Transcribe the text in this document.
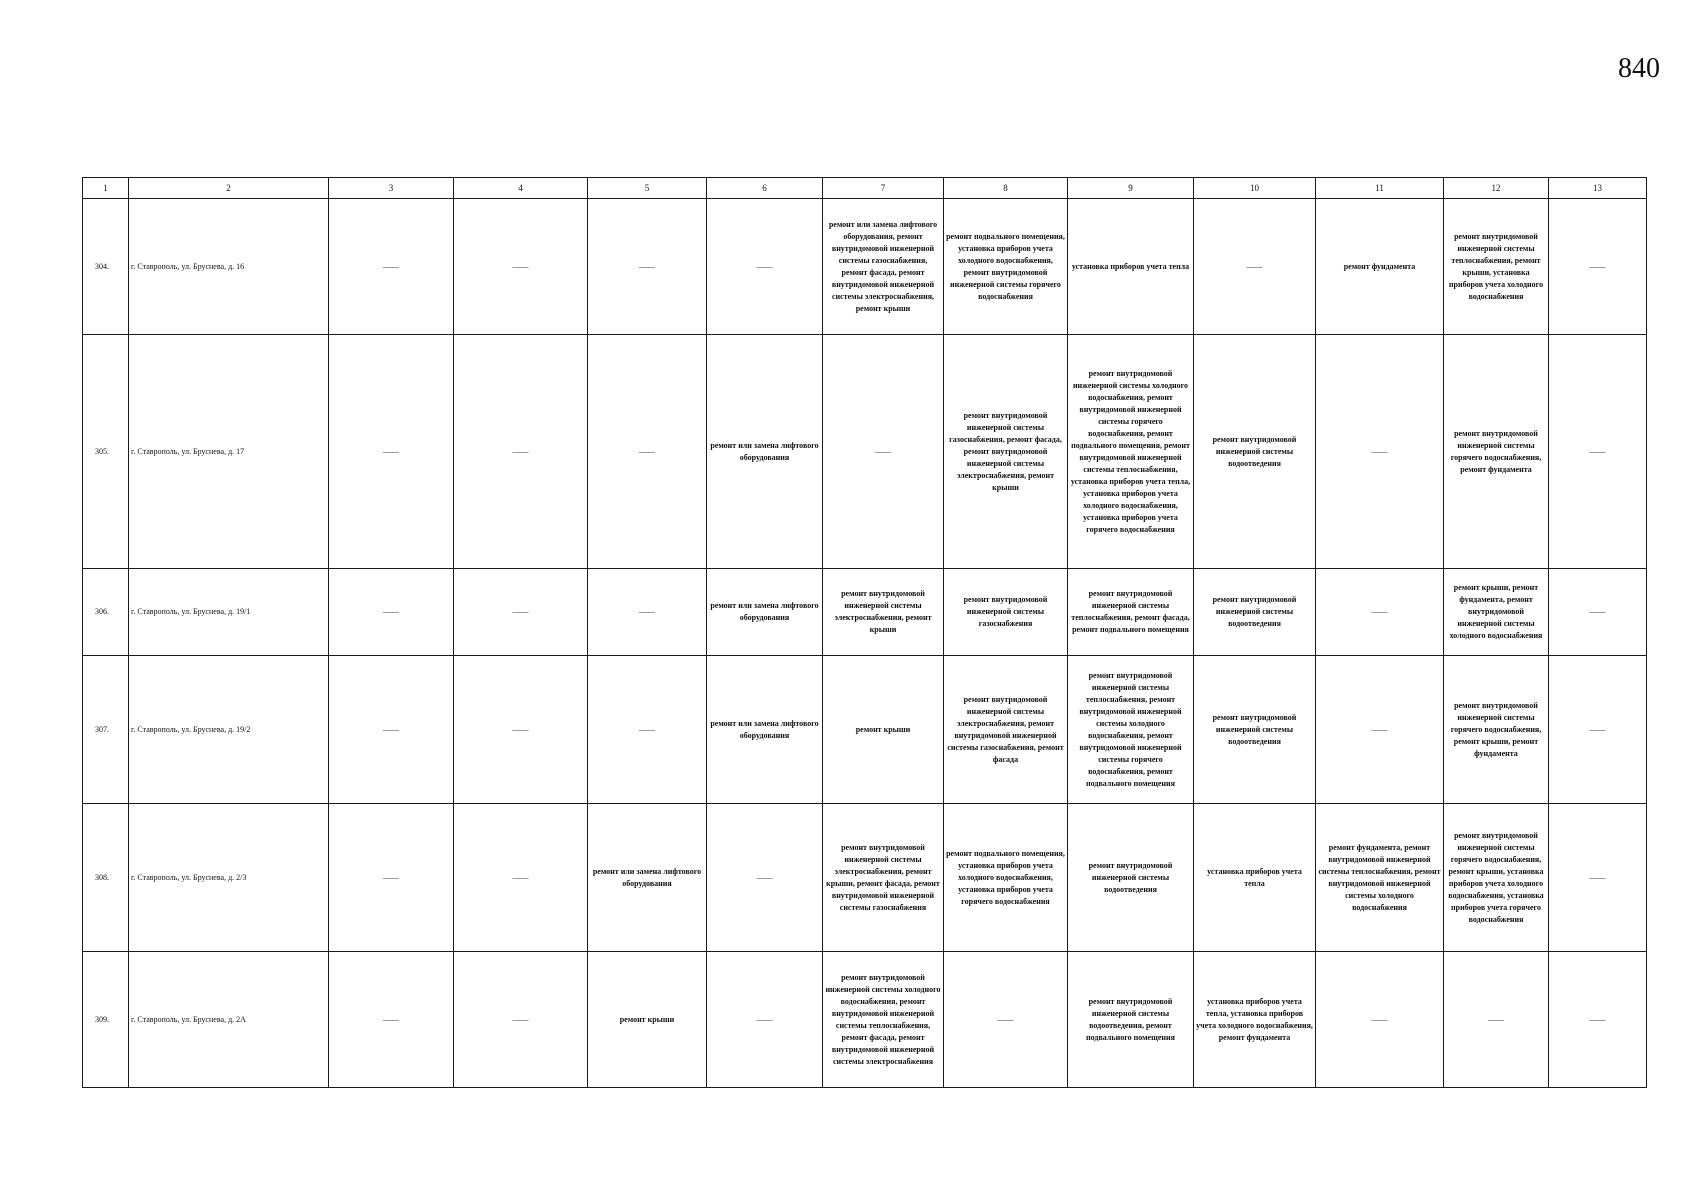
840
1	2	3	4	5	6	7	8	9	10	11	12	13
304.	г. Ставрополь, ул. Бруснева, д. 16	——	——	——	——	ремонт или замена лифтового оборудования, ремонт внутридомовой инженерной системы газоснабжения, ремонт фасада, ремонт внутридомовой инженерной системы электроснабжения, ремонт крыши	ремонт подвального помещения, установка приборов учета холодного водоснабжения, ремонт внутридомовой инженерной системы горячего водоснабжения	установка приборов учета тепла	——	ремонт фундамента	ремонт внутридомовой инженерной системы теплоснабжения, ремонт крыши, установка приборов учета холодного водоснабжения	——
305.	г. Ставрополь, ул. Бруснева, д. 17	——	——	——	ремонт или замена лифтового оборудования	——	ремонт внутридомовой инженерной системы газоснабжения, ремонт фасада, ремонт внутридомовой инженерной системы электроснабжения, ремонт крыши	ремонт внутридомовой инженерной системы холодного водоснабжения, ремонт внутридомовой инженерной системы горячего водоснабжения, ремонт подвального помещения, ремонт внутридомовой инженерной системы теплоснабжения, установка приборов учета тепла, установка приборов учета холодного водоснабжения, установка приборов учета горячего водоснабжения	ремонт внутридомовой инженерной системы водоотведения	——	ремонт внутридомовой инженерной системы горячего водоснабжения, ремонт фундамента	——
306.	г. Ставрополь, ул. Бруснева, д. 19/1	——	——	——	ремонт или замена лифтового оборудования	ремонт внутридомовой инженерной системы электроснабжения, ремонт крыши	ремонт внутридомовой инженерной системы газоснабжения	ремонт внутридомовой инженерной системы теплоснабжения, ремонт фасада, ремонт подвального помещения	ремонт внутридомовой инженерной системы водоотведения	——	ремонт крыши, ремонт фундамента, ремонт внутридомовой инженерной системы холодного водоснабжения	——
307.	г. Ставрополь, ул. Бруснева, д. 19/2	——	——	——	ремонт или замена лифтового оборудования	ремонт крыши	ремонт внутридомовой инженерной системы электроснабжения, ремонт внутридомовой инженерной системы газоснабжения, ремонт фасада	ремонт внутридомовой инженерной системы теплоснабжения, ремонт внутридомовой инженерной системы холодного водоснабжения, ремонт внутридомовой инженерной системы горячего водоснабжения, ремонт подвального помещения	ремонт внутридомовой инженерной системы водоотведения	——	ремонт внутридомовой инженерной системы горячего водоснабжения, ремонт крыши, ремонт фундамента	——
308.	г. Ставрополь, ул. Бруснева, д. 2/3	——	——	ремонт или замена лифтового оборудования	——	ремонт внутридомовой инженерной системы электроснабжения, ремонт крыши, ремонт фасада, ремонт внутридомовой инженерной системы газоснабжения	ремонт подвального помещения, установка приборов учета холодного водоснабжения, установка приборов учета горячего водоснабжения	ремонт внутридомовой инженерной системы водоотведения	установка приборов учета тепла	ремонт фундамента, ремонт внутридомовой инженерной системы теплоснабжения, ремонт внутридомовой инженерной системы холодного водоснабжения	ремонт внутридомовой инженерной системы горячего водоснабжения, ремонт крыши, установка приборов учета холодного водоснабжения, установка приборов учета горячего водоснабжения	——
309.	г. Ставрополь, ул. Бруснева, д. 2А	——	——	ремонт крыши	——	ремонт внутридомовой инженерной системы холодного водоснабжения, ремонт внутридомовой инженерной системы теплоснабжения, ремонт фасада, ремонт внутридомовой инженерной системы электроснабжения	——	ремонт внутридомовой инженерной системы водоотведения, ремонт подвального помещения	установка приборов учета тепла, установка приборов учета холодного водоснабжения, ремонт фундамента	——	——	——
